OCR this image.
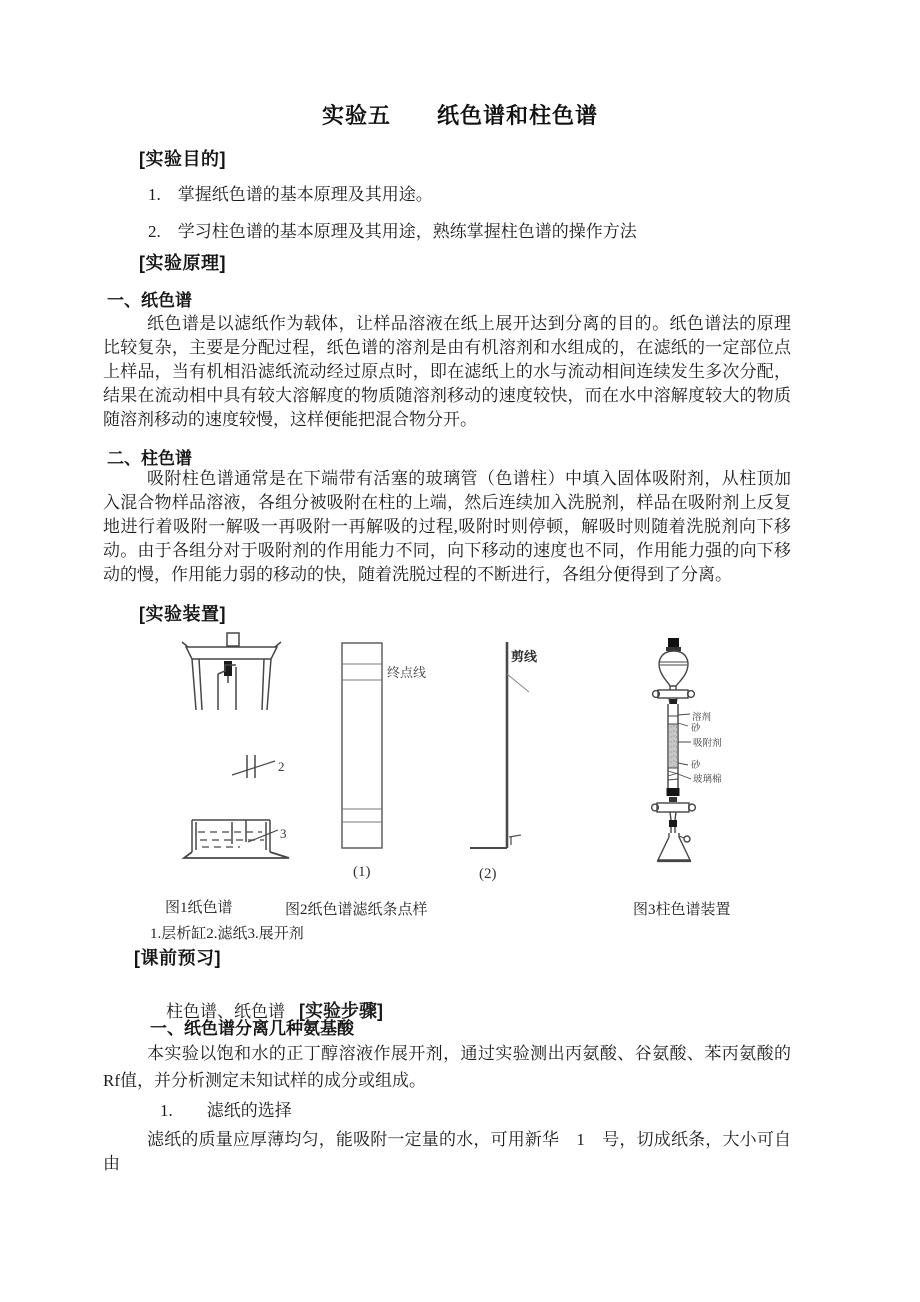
实验五　　纸色谱和柱色谱
[实验目的]
1.　掌握纸色谱的基本原理及其用途。
2.　学习柱色谱的基本原理及其用途，熟练掌握柱色谱的操作方法
[实验原理]
一、纸色谱
纸色谱是以滤纸作为载体，让样品溶液在纸上展开达到分离的目的。纸色谱法的原理比较复杂，主要是分配过程，纸色谱的溶剂是由有机溶剂和水组成的，在滤纸的一定部位点上样品，当有机相沿滤纸流动经过原点时，即在滤纸上的水与流动相间连续发生多次分配，结果在流动相中具有较大溶解度的物质随溶剂移动的速度较快，而在水中溶解度较大的物质随溶剂移动的速度较慢，这样便能把混合物分开。
二、柱色谱
吸附柱色谱通常是在下端带有活塞的玻璃管（色谱柱）中填入固体吸附剂，从柱顶加入混合物样品溶液，各组分被吸附在柱的上端，然后连续加入洗脱剂，样品在吸附剂上反复地进行着吸附一解吸一再吸附一再解吸的过程,吸附时则停顿，解吸时则随着洗脱剂向下移动。由于各组分对于吸附剂的作用能力不同，向下移动的速度也不同，作用能力强的向下移动的慢，作用能力弱的移动的快，随着洗脱过程的不断进行，各组分便得到了分离。
[实验装置]
2
3
终点线
剪线
(1)	(2)
溶剂
砂
吸附剂
砂
玻璃棉
图1纸色谱	图2纸色谱滤纸条点样	图3柱色谱装置
1.层析缸2.滤纸3.展开剂
[课前预习]

柱色谱、纸色谱 [实验步骤]

一、纸色谱分离几种氨基酸
本实验以饱和水的正丁醇溶液作展开剂，通过实验测出丙氨酸、谷氨酸、苯丙氨酸的Rf值，并分析测定未知试样的成分或组成。
1.　　滤纸的选择
滤纸的质量应厚薄均匀，能吸附一定量的水，可用新华　1　号，切成纸条，大小可自由
